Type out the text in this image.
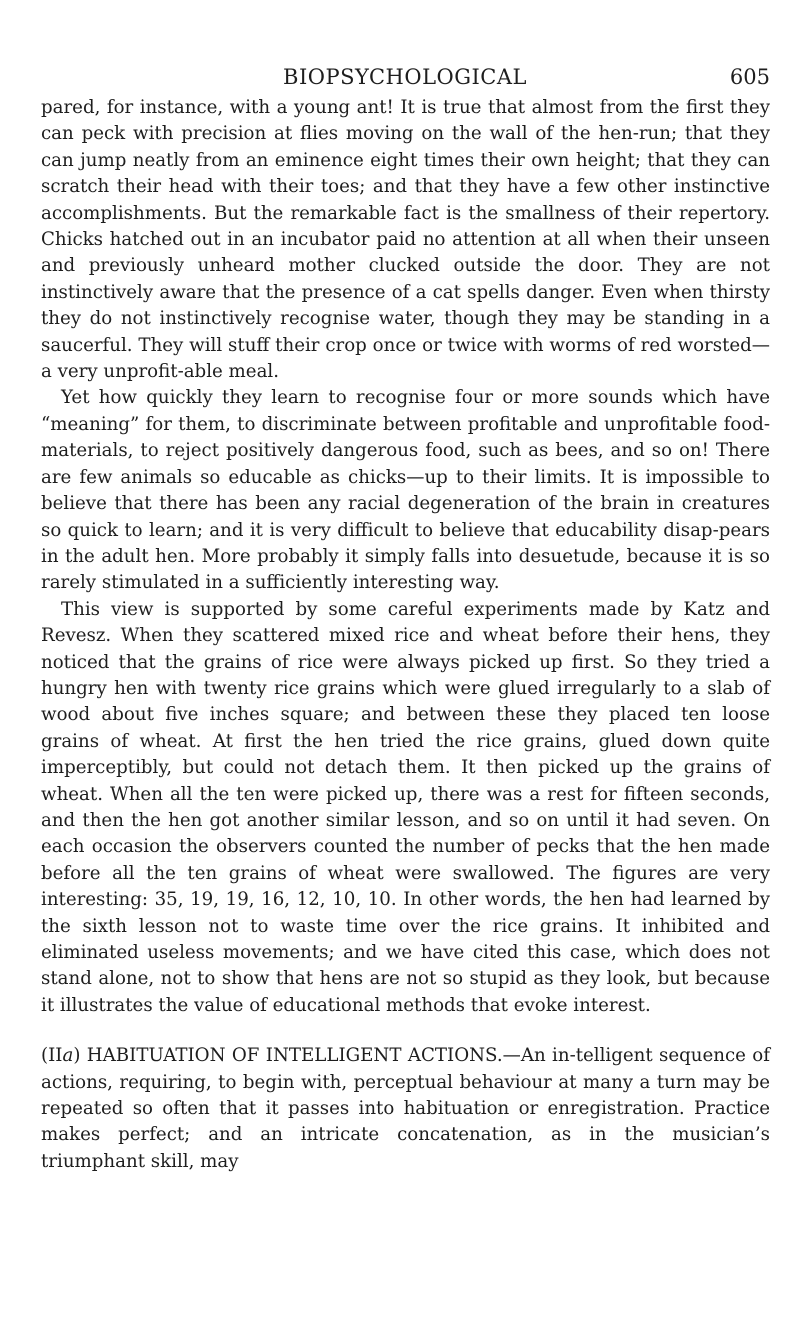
BIOPSYCHOLOGICAL	605

pared, for instance, with a young ant! It is true that almost from the first they can peck with precision at flies moving on the wall of the hen-run; that they can jump neatly from an eminence eight times their own height; that they can scratch their head with their toes; and that they have a few other instinctive accomplishments. But the remarkable fact is the smallness of their repertory. Chicks hatched out in an incubator paid no attention at all when their unseen and previously unheard mother clucked outside the door. They are not instinctively aware that the presence of a cat spells danger. Even when thirsty they do not instinctively recognise water, though they may be standing in a saucerful. They will stuff their crop once or twice with worms of red worsted—a very unprofit-able meal.

Yet how quickly they learn to recognise four or more sounds which have “meaning” for them, to discriminate between profitable and unprofitable food-materials, to reject positively dangerous food, such as bees, and so on! There are few animals so educable as chicks—up to their limits. It is impossible to believe that there has been any racial degeneration of the brain in creatures so quick to learn; and it is very difficult to believe that educability disap-pears in the adult hen. More probably it simply falls into desuetude, because it is so rarely stimulated in a sufficiently interesting way.

This view is supported by some careful experiments made by Katz and Revesz. When they scattered mixed rice and wheat before their hens, they noticed that the grains of rice were always picked up first. So they tried a hungry hen with twenty rice grains which were glued irregularly to a slab of wood about five inches square; and between these they placed ten loose grains of wheat. At first the hen tried the rice grains, glued down quite imperceptibly, but could not detach them. It then picked up the grains of wheat. When all the ten were picked up, there was a rest for fifteen seconds, and then the hen got another similar lesson, and so on until it had seven. On each occasion the observers counted the number of pecks that the hen made before all the ten grains of wheat were swallowed. The figures are very interesting: 35, 19, 19, 16, 12, 10, 10. In other words, the hen had learned by the sixth lesson not to waste time over the rice grains. It inhibited and eliminated useless movements; and we have cited this case, which does not stand alone, not to show that hens are not so stupid as they look, but because it illustrates the value of educational methods that evoke interest.

(IIa) HABITUATION OF INTELLIGENT ACTIONS.—An in-telligent sequence of actions, requiring, to begin with, perceptual behaviour at many a turn may be repeated so often that it passes into habituation or enregistration. Practice makes perfect; and an intricate concatenation, as in the musician’s triumphant skill, may
